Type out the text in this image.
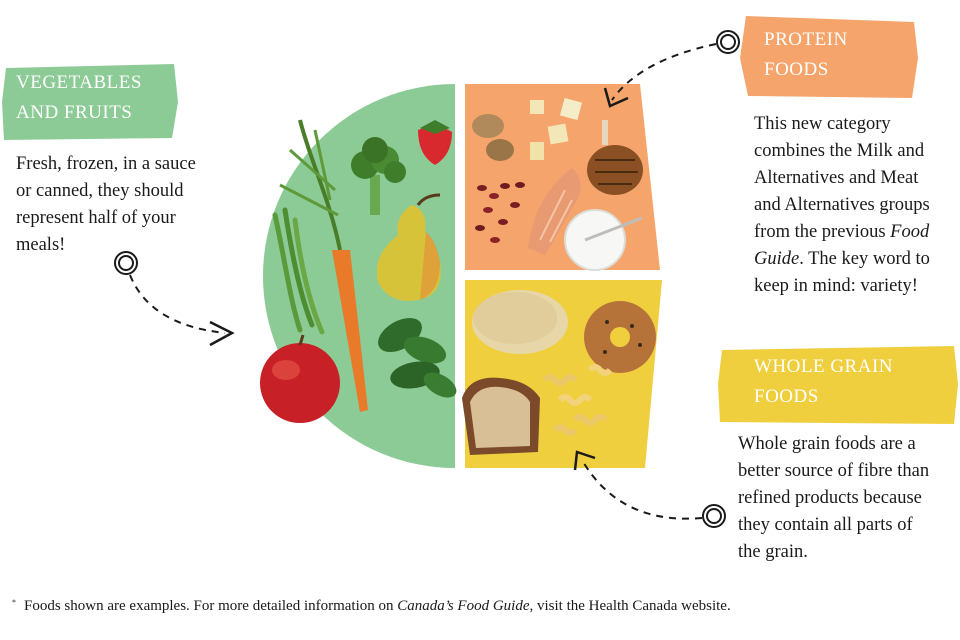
VEGETABLES
AND FRUITS
Fresh, frozen, in a sauce
or canned, they should
represent half of your
meals!
PROTEIN
FOODS
This new category
combines the Milk and
Alternatives and Meat
and Alternatives groups
from the previous Food
Guide. The key word to
keep in mind: variety!
WHOLE GRAIN
FOODS
Whole grain foods are a
better source of fibre than
refined products because
they contain all parts of
the grain.
* Foods shown are examples. For more detailed information on Canada’s Food Guide, visit the Health Canada website.
